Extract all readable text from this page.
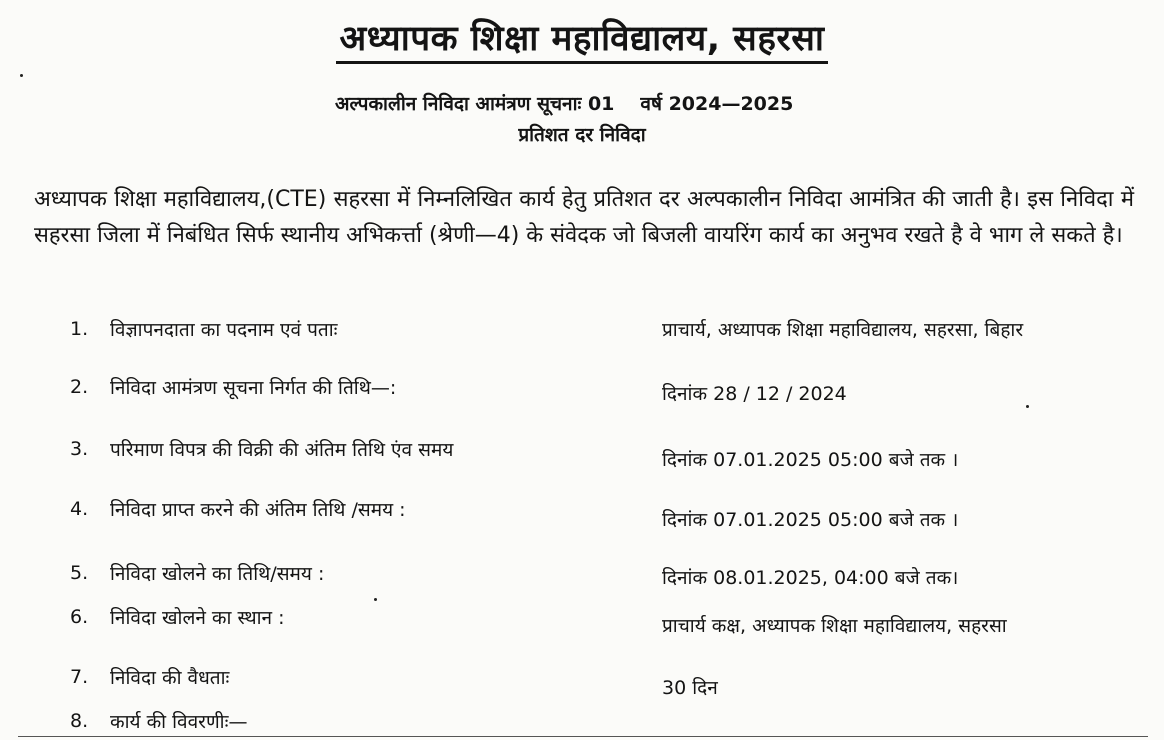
अध्यापक शिक्षा महाविद्यालय, सहरसा
अल्पकालीन निविदा आमंत्रण सूचनाः 01 वर्ष 2024—2025
प्रतिशत दर निविदा
अध्यापक शिक्षा महाविद्यालय,(CTE) सहरसा में निम्नलिखित कार्य हेतु प्रतिशत दर अल्पकालीन निविदा आमंत्रित की जाती है। इस निविदा में सहरसा जिला में निबंधित सिर्फ स्थानीय अभिकर्त्ता (श्रेणी—4) के संवेदक जो बिजली वायरिंग कार्य का अनुभव रखते है वे भाग ले सकते है।
1.	विज्ञापनदाता का पदनाम एवं पताः	प्राचार्य, अध्यापक शिक्षा महाविद्यालय, सहरसा, बिहार
2.	निविदा आमंत्रण सूचना निर्गत की तिथि—:	दिनांक 28 / 12 / 2024
3.	परिमाण विपत्र की विक्री की अंतिम तिथि एंव समय	दिनांक 07.01.2025 05:00 बजे तक ।
4.	निविदा प्राप्त करने की अंतिम तिथि /समय :	दिनांक 07.01.2025 05:00 बजे तक ।
5.	निविदा खोलने का तिथि/समय :	दिनांक 08.01.2025, 04:00 बजे तक।
6.	निविदा खोलने का स्थान :	प्राचार्य कक्ष, अध्यापक शिक्षा महाविद्यालय, सहरसा
7.	निविदा की वैधताः	30 दिन
8.	कार्य की विवरणीः—
